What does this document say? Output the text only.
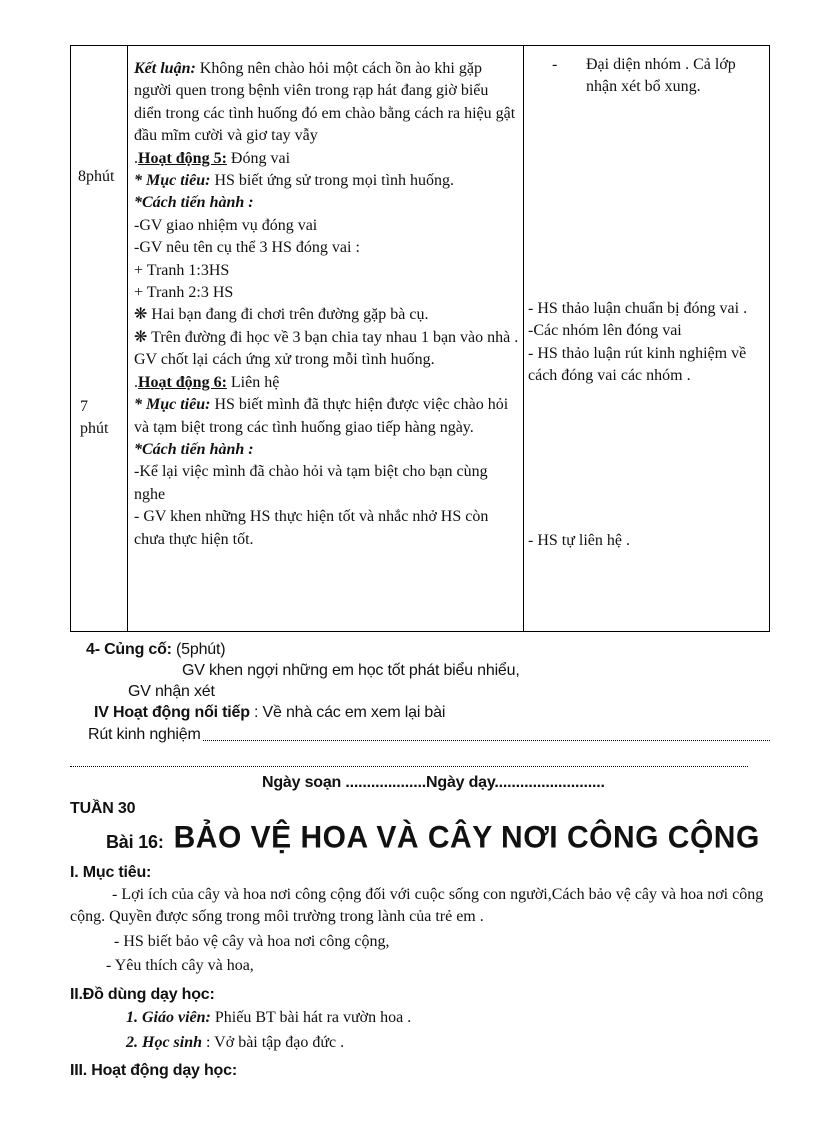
8phút
7
phút
Kết luận: Không nên chào hỏi một cách ồn ào khi gặp người quen trong bệnh viên trong rạp hát đang giờ biểu diển trong các tình huống đó em chào bằng cách ra hiệu gật đầu mĩm cười và giơ tay vẫy
.Hoạt động 5: Đóng vai
* Mục tiêu: HS biết ứng sử trong mọi tình huống.
*Cách tiến hành :
-GV giao nhiệm vụ đóng vai
-GV nêu tên cụ thể 3 HS đóng vai :
+ Tranh 1:3HS
+ Tranh 2:3 HS
❋ Hai bạn đang đi chơi trên đường gặp bà cụ.
❋ Trên đường đi học về 3 bạn chia tay nhau 1 bạn vào nhà .
GV chốt lại cách ứng xử trong mỗi tình huống.
.Hoạt động 6: Liên hệ
* Mục tiêu: HS biết mình đã thực hiện được việc chào hỏi và tạm biệt trong các tình huống giao tiếp hàng ngày.
*Cách tiến hành :
-Kể lại việc mình đã chào hỏi và tạm biệt cho bạn cùng nghe
- GV khen những HS thực hiện tốt và nhắc nhở HS còn chưa thực hiện tốt.
- Đại diện nhóm . Cả lớp nhận xét bổ xung.
- HS thảo luận chuẩn bị đóng vai .
-Các nhóm lên đóng vai
- HS thảo luận rút kinh nghiệm về cách đóng vai các nhóm .
- HS tự liên hệ .
4- Củng cố: (5phút)
GV khen ngợi những em học tốt phát biểu nhiểu,
GV nhận xét
IV Hoạt động nối tiếp : Về nhà các em xem lại bài
Rút kinh nghiệm
Ngày soạn ...................Ngày dạy..........................
TUẦN 30
Bài 16: BẢO VỆ HOA VÀ CÂY NƠI CÔNG CỘNG
I. Mục tiêu:
- Lợi ích của cây và hoa nơi công cộng đối với cuộc sống con người,Cách bảo vệ cây và hoa nơi công cộng. Quyền được sống trong môi trường trong lành của trẻ em .
- HS biết bảo vệ cây và hoa nơi công cộng,
- Yêu thích cây và hoa,
II.Đồ dùng dạy học:
1. Giáo viên: Phiếu BT bài hát ra vườn hoa .
2. Học sinh : Vở bài tập đạo đức .
III. Hoạt động dạy học:
